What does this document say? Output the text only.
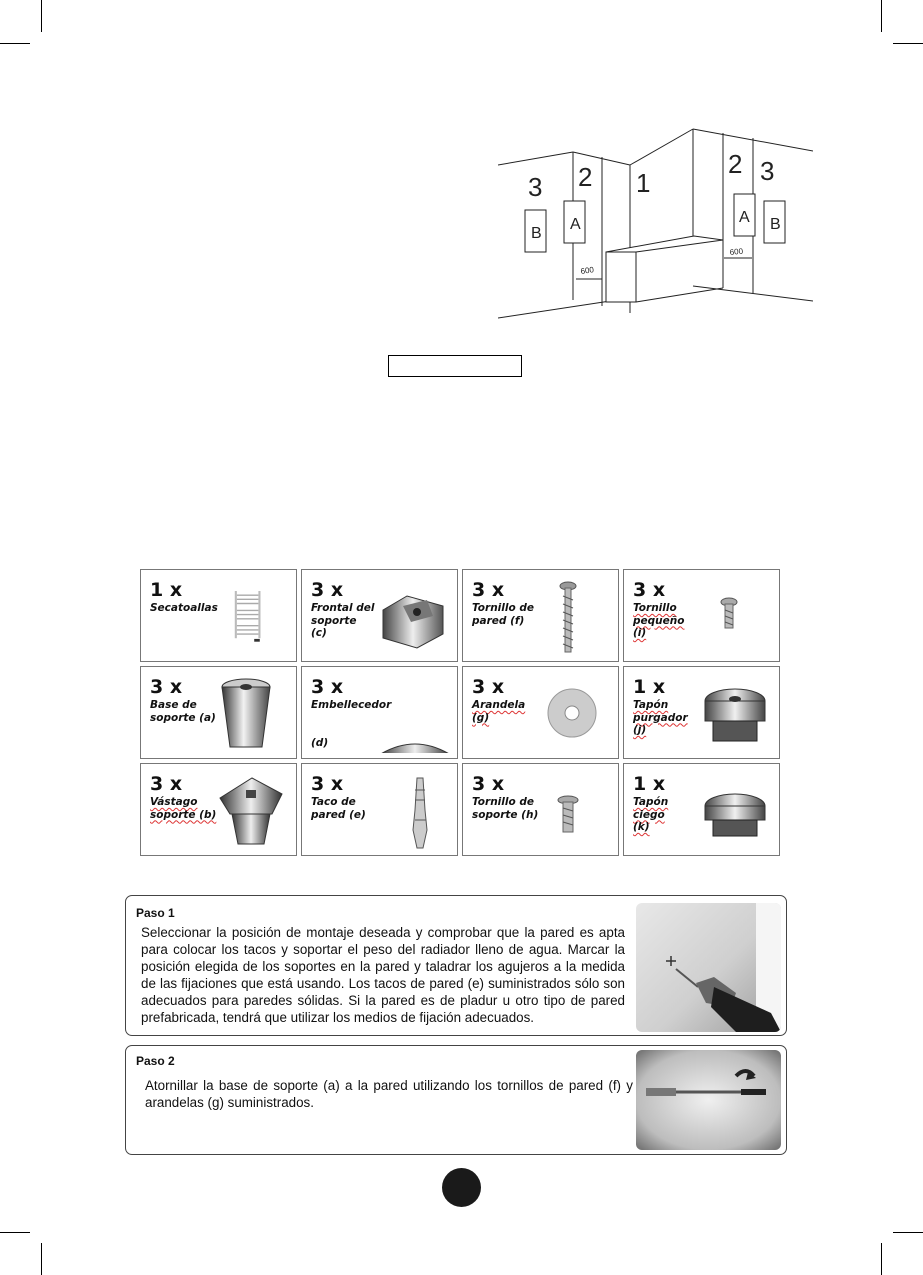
3 2 1
2 3
B
A	A B
600
600
1 x
Secatoallas
3 x
Frontal del
soporte
(c)
3 x
Tornillo de
pared (f)
3 x
Tornillo
pequeño
(i)
3 x
Base de
soporte (a)
3 x
Embellecedor

(d)
3 x
Arandela
(g)
1 x
Tapón
purgador
(j)
3 x
Vástago
soporte (b)
3 x
Taco de
pared (e)
3 x
Tornillo de
soporte (h)
1 x
Tapón
ciego
(k)
Paso 1
Seleccionar la posición de montaje deseada y comprobar que la pared es apta para colocar los tacos y soportar el peso del radiador lleno de agua. Marcar la posición elegida de los soportes en la pared y taladrar los agujeros a la medida de las fijaciones que está usando. Los tacos de pared (e) suministrados sólo son adecuados para paredes sólidas. Si la pared es de pladur u otro tipo de pared prefabricada, tendrá que utilizar los medios de fijación adecuados.
Paso 2
Atornillar la base de soporte (a) a la pared utilizando los tornillos de pared (f) y arandelas (g) suministrados.
